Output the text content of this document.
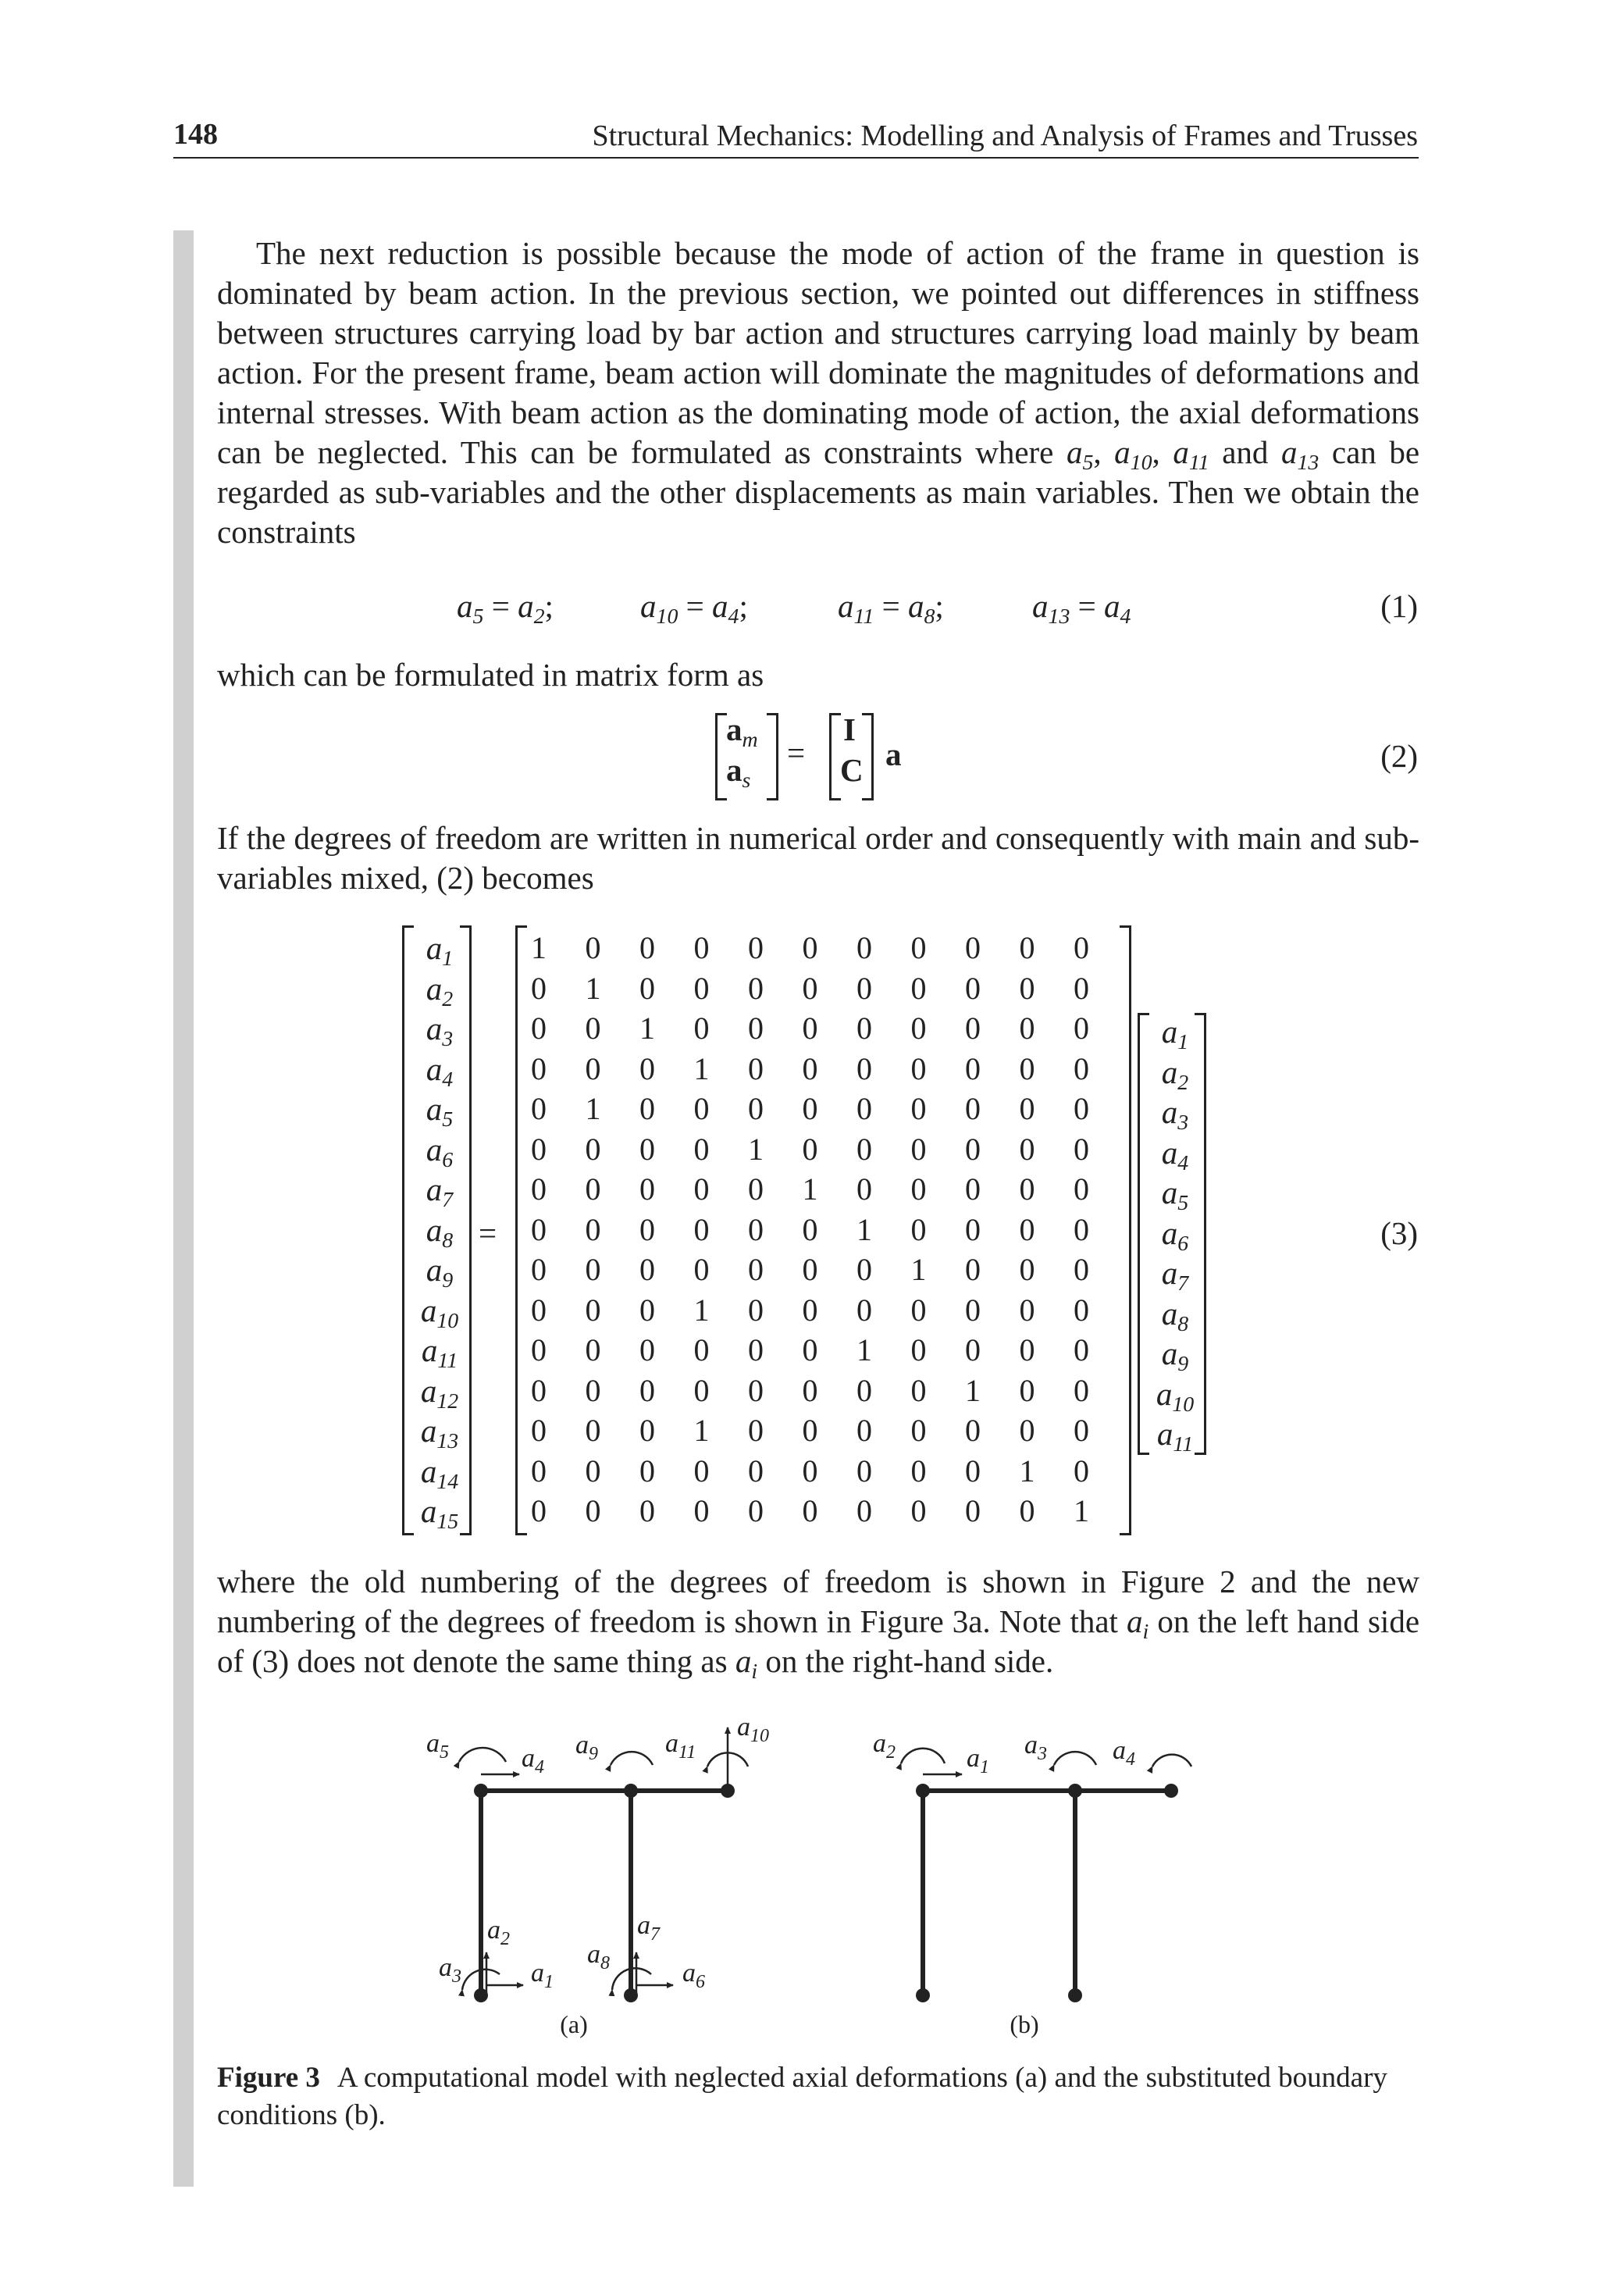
148	Structural Mechanics: Modelling and Analysis of Frames and Trusses
The next reduction is possible because the mode of action of the frame in question is dominated by beam action. In the previous section, we pointed out differences in stiffness between structures carrying load by bar action and structures carrying load mainly by beam action. For the present frame, beam action will dominate the magnitudes of deformations and internal stresses. With beam action as the dominating mode of action, the axial deformations can be neglected. This can be formulated as constraints where $a_5$, $a_{10}$, $a_{11}$ and $a_{13}$ can be regarded as sub-variables and the other displacements as main variables. Then we obtain the constraints
$a_5 = a_2$;	$a_{10} = a_4$;	$a_{11} = a_8$;	$a_{13} = a_4$	(1)
which can be formulated in matrix form as
$a_m$
$a_s$
=
I
C a	(2)
If the degrees of freedom are written in numerical order and consequently with main and sub-variables mixed, (2) becomes
=
$a_1$
$a_2$
$a_3$
$a_4$
$a_5$
$a_6$
$a_7$
$a_8$
$a_9$
$a_{10}$
$a_{11}$
$a_{12}$
$a_{13}$
$a_{14}$
$a_{15}$
1 0 0 0 0 0 0 0 0 0 0
0 1 0 0 0 0 0 0 0 0 0
0 0 1 0 0 0 0 0 0 0 0
0 0 0 1 0 0 0 0 0 0 0
0 1 0 0 0 0 0 0 0 0 0
0 0 0 0 1 0 0 0 0 0 0
0 0 0 0 0 1 0 0 0 0 0
0 0 0 0 0 0 1 0 0 0 0
0 0 0 0 0 0 0 1 0 0 0
0 0 0 1 0 0 0 0 0 0 0
0 0 0 0 0 0 1 0 0 0 0
0 0 0 0 0 0 0 0 1 0 0
0 0 0 1 0 0 0 0 0 0 0
0 0 0 0 0 0 0 0 0 1 0
0 0 0 0 0 0 0 0 0 0 1
$a_1$
$a_2$
$a_3$
$a_4$
$a_5$
$a_6$
$a_7$
$a_8$
$a_9$
$a_{10}$
$a_{11}$
(3)
where the old numbering of the degrees of freedom is shown in Figure 2 and the new numbering of the degrees of freedom is shown in Figure 3a. Note that $a_i$ on the left hand side of (3) does not denote the same thing as $a_i$ on the right-hand side.
$a_5$	$a_4$
$a_9$	$a_{11}$
$a_{10}$
$a_2$
$a_3$	$a_1$
$a_8$
$a_7$
$a_6$
(a)
$a_2$	$a_1$
$a_3$ $a_4$
(b)
Figure 3 A computational model with neglected axial deformations (a) and the substituted boundary conditions (b).
